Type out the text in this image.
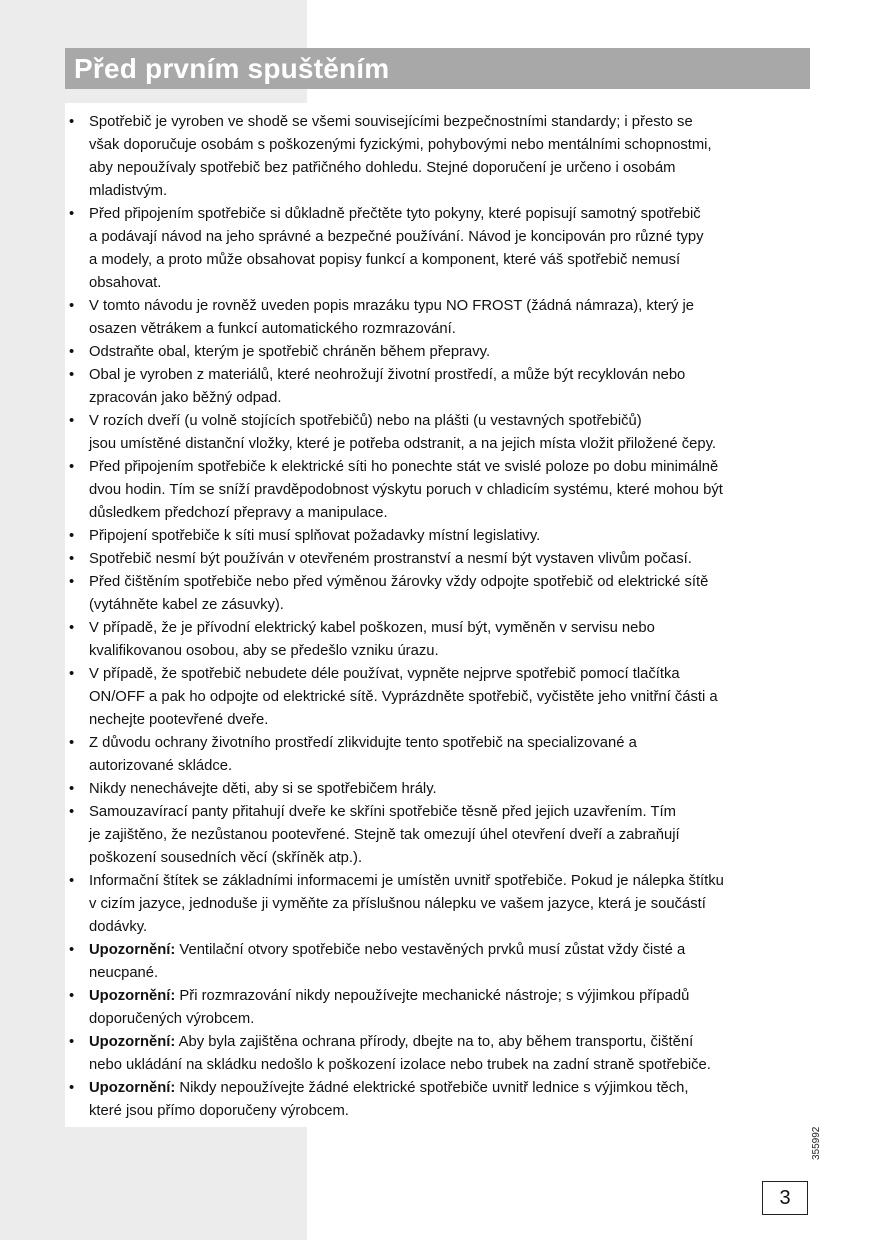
Před prvním spuštěním
• Spotřebič je vyroben ve shodě se všemi souvisejícími bezpečnostními standardy; i přesto se
však doporučuje osobám s poškozenými fyzickými, pohybovými nebo mentálními schopnostmi,
aby nepoužívaly spotřebič bez patřičného dohledu. Stejné doporučení je určeno i osobám
mladistvým.
• Před připojením spotřebiče si důkladně přečtěte tyto pokyny, které popisují samotný spotřebič
a podávají návod na jeho správné a bezpečné používání. Návod je koncipován pro různé typy
a modely, a proto může obsahovat popisy funkcí a komponent, které váš spotřebič nemusí
obsahovat.
• V tomto návodu je rovněž uveden popis mrazáku typu NO FROST (žádná námraza), který je
osazen větrákem a funkcí automatického rozmrazování.
• Odstraňte obal, kterým je spotřebič chráněn během přepravy.
• Obal je vyroben z materiálů, které neohrožují životní prostředí, a může být recyklován nebo
zpracován jako běžný odpad.
• V rozích dveří (u volně stojících spotřebičů) nebo na plášti (u vestavných spotřebičů)
jsou umístěné distanční vložky, které je potřeba odstranit, a na jejich místa vložit přiložené čepy.
• Před připojením spotřebiče k elektrické síti ho ponechte stát ve svislé poloze po dobu minimálně
dvou hodin. Tím se sníží pravděpodobnost výskytu poruch v chladicím systému, které mohou být
důsledkem předchozí přepravy a manipulace.
• Připojení spotřebiče k síti musí splňovat požadavky místní legislativy.
• Spotřebič nesmí být používán v otevřeném prostranství a nesmí být vystaven vlivům počasí.
• Před čištěním spotřebiče nebo před výměnou žárovky vždy odpojte spotřebič od elektrické sítě
(vytáhněte kabel ze zásuvky).
• V případě, že je přívodní elektrický kabel poškozen, musí být, vyměněn v servisu nebo
kvalifikovanou osobou, aby se předešlo vzniku úrazu.
• V případě, že spotřebič nebudete déle používat, vypněte nejprve spotřebič pomocí tlačítka
ON/OFF a pak ho odpojte od elektrické sítě. Vyprázdněte spotřebič, vyčistěte jeho vnitřní části a
nechejte pootevřené dveře.
• Z důvodu ochrany životního prostředí zlikvidujte tento spotřebič na specializované a
autorizované skládce.
• Nikdy nenechávejte děti, aby si se spotřebičem hrály.
• Samouzavírací panty přitahují dveře ke skříni spotřebiče těsně před jejich uzavřením. Tím
je zajištěno, že nezůstanou pootevřené. Stejně tak omezují úhel otevření dveří a zabraňují
poškození sousedních věcí (skříněk atp.).
• Informační štítek se základními informacemi je umístěn uvnitř spotřebiče. Pokud je nálepka štítku
v cizím jazyce, jednoduše ji vyměňte za příslušnou nálepku ve vašem jazyce, která je součástí
dodávky.
• Upozornění: Ventilační otvory spotřebiče nebo vestavěných prvků musí zůstat vždy čisté a
neucpané.
• Upozornění: Při rozmrazování nikdy nepoužívejte mechanické nástroje; s výjimkou případů
doporučených výrobcem.
• Upozornění: Aby byla zajištěna ochrana přírody, dbejte na to, aby během transportu, čištění
nebo ukládání na skládku nedošlo k poškození izolace nebo trubek na zadní straně spotřebiče.
• Upozornění: Nikdy nepoužívejte žádné elektrické spotřebiče uvnitř lednice s výjimkou těch,
které jsou přímo doporučeny výrobcem.
355992
3
